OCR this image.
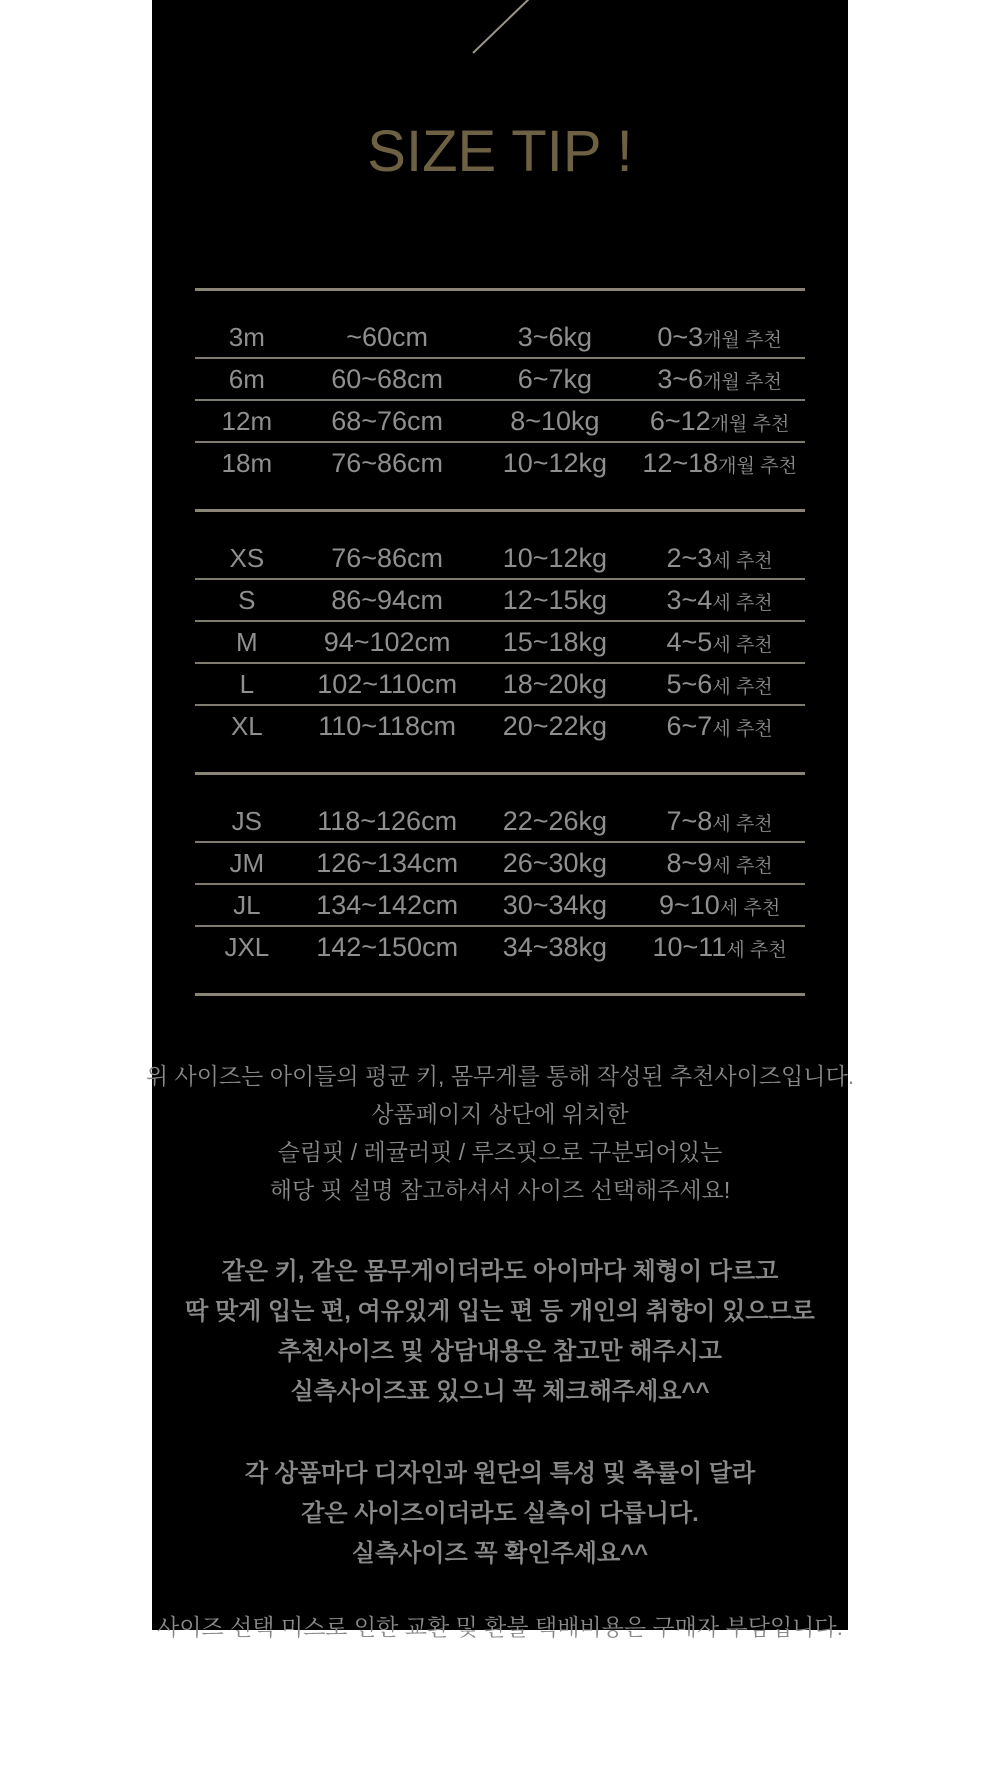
SIZE TIP !
3m	~60cm	3~6kg	0~3개월 추천
6m	60~68cm	6~7kg	3~6개월 추천
12m	68~76cm	8~10kg	6~12개월 추천
18m	76~86cm	10~12kg	12~18개월 추천
XS	76~86cm	10~12kg	2~3세 추천
S	86~94cm	12~15kg	3~4세 추천
M	94~102cm	15~18kg	4~5세 추천
L	102~110cm	18~20kg	5~6세 추천
XL	110~118cm	20~22kg	6~7세 추천
JS	118~126cm	22~26kg	7~8세 추천
JM	126~134cm	26~30kg	8~9세 추천
JL	134~142cm	30~34kg	9~10세 추천
JXL	142~150cm	34~38kg	10~11세 추천
위 사이즈는 아이들의 평균 키, 몸무게를 통해 작성된 추천사이즈입니다.
상품페이지 상단에 위치한
슬림핏 / 레귤러핏 / 루즈핏으로 구분되어있는
해당 핏 설명 참고하셔서 사이즈 선택해주세요!
같은 키, 같은 몸무게이더라도 아이마다 체형이 다르고
딱 맞게 입는 편, 여유있게 입는 편 등 개인의 취향이 있으므로
추천사이즈 및 상담내용은 참고만 해주시고
실측사이즈표 있으니 꼭 체크해주세요^^
각 상품마다 디자인과 원단의 특성 및 축률이 달라
같은 사이즈이더라도 실측이 다릅니다.
실측사이즈 꼭 확인주세요^^
사이즈 선택 미스로 인한 교환 및 환불 택배비용은 구매자 부담입니다.
